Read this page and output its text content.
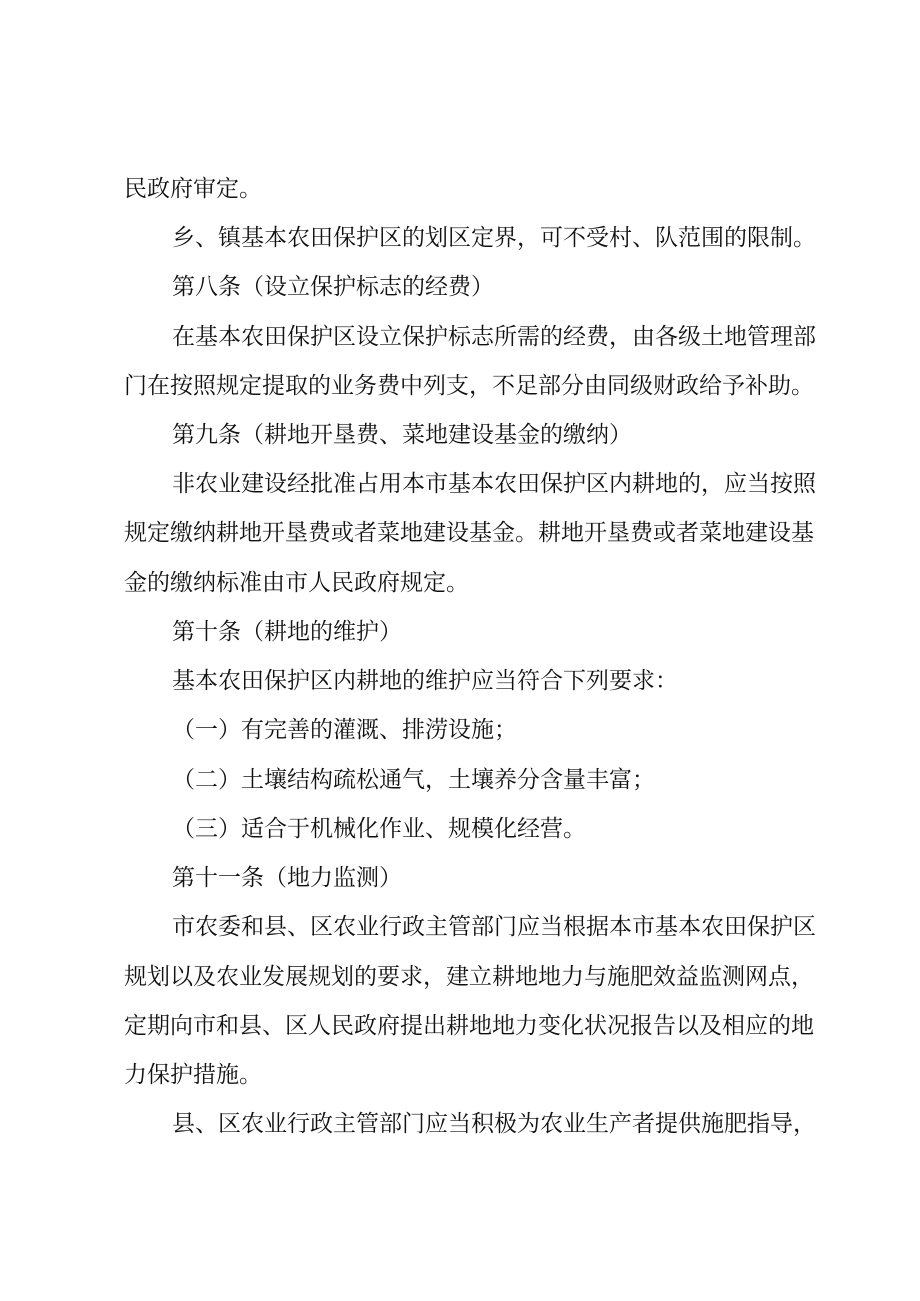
民政府审定。
乡、镇基本农田保护区的划区定界，可不受村、队范围的限制。
第八条（设立保护标志的经费）
在基本农田保护区设立保护标志所需的经费，由各级土地管理部
门在按照规定提取的业务费中列支，不足部分由同级财政给予补助。
第九条（耕地开垦费、菜地建设基金的缴纳）
非农业建设经批准占用本市基本农田保护区内耕地的，应当按照
规定缴纳耕地开垦费或者菜地建设基金。耕地开垦费或者菜地建设基
金的缴纳标准由市人民政府规定。
第十条（耕地的维护）
基本农田保护区内耕地的维护应当符合下列要求：
（一）有完善的灌溉、排涝设施；
（二）土壤结构疏松通气，土壤养分含量丰富；
（三）适合于机械化作业、规模化经营。
第十一条（地力监测）
市农委和县、区农业行政主管部门应当根据本市基本农田保护区
规划以及农业发展规划的要求，建立耕地地力与施肥效益监测网点，
定期向市和县、区人民政府提出耕地地力变化状况报告以及相应的地
力保护措施。
县、区农业行政主管部门应当积极为农业生产者提供施肥指导，
